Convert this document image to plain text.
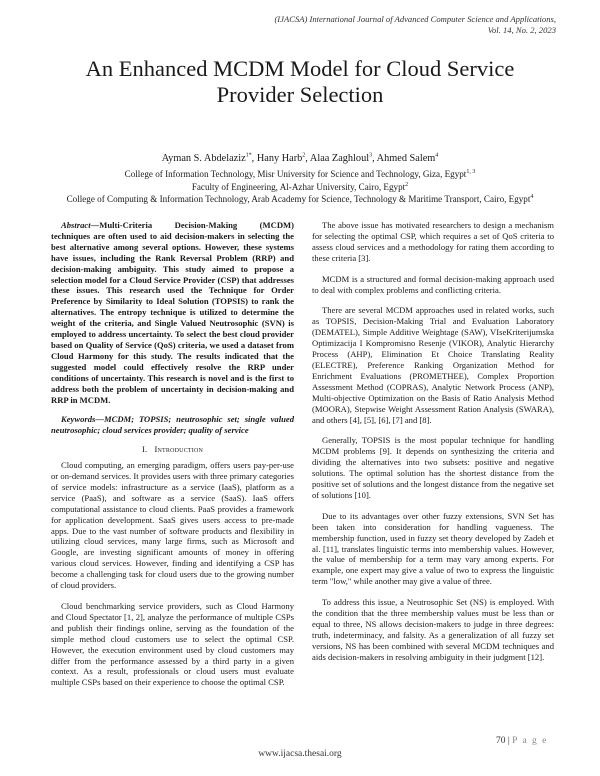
(IJACSA) International Journal of Advanced Computer Science and Applications,
Vol. 14, No. 2, 2023
An Enhanced MCDM Model for Cloud Service
Provider Selection
Ayman S. Abdelaziz$^{1*}$, Hany Harb$^2$, Alaa Zaghloul$^3$, Ahmed Salem$^4$
College of Information Technology, Misr University for Science and Technology, Giza, Egypt$^{1, 3}$
Faculty of Engineering, Al-Azhar University, Cairo, Egypt$^2$
College of Computing & Information Technology, Arab Academy for Science, Technology & Maritime Transport, Cairo, Egypt$^4$
Abstract—Multi-Criteria Decision-Making (MCDM) techniques are often used to aid decision-makers in selecting the best alternative among several options. However, these systems have issues, including the Rank Reversal Problem (RRP) and decision-making ambiguity. This study aimed to propose a selection model for a Cloud Service Provider (CSP) that addresses these issues. This research used the Technique for Order Preference by Similarity to Ideal Solution (TOPSIS) to rank the alternatives. The entropy technique is utilized to determine the weight of the criteria, and Single Valued Neutrosophic (SVN) is employed to address uncertainty. To select the best cloud provider based on Quality of Service (QoS) criteria, we used a dataset from Cloud Harmony for this study. The results indicated that the suggested model could effectively resolve the RRP under conditions of uncertainty. This research is novel and is the first to address both the problem of uncertainty in decision-making and RRP in MCDM.
Keywords—MCDM; TOPSIS; neutrosophic set; single valued neutrosophic; cloud services provider; quality of service
I. Introduction

Cloud computing, an emerging paradigm, offers users pay-per-use or on-demand services. It provides users with three primary categories of service models: infrastructure as a service (IaaS), platform as a service (PaaS), and software as a service (SaaS). IaaS offers computational assistance to cloud clients. PaaS provides a framework for application development. SaaS gives users access to pre-made apps. Due to the vast number of software products and flexibility in utilizing cloud services, many large firms, such as Microsoft and Google, are investing significant amounts of money in offering various cloud services. However, finding and identifying a CSP has become a challenging task for cloud users due to the growing number of cloud providers.

Cloud benchmarking service providers, such as Cloud Harmony and Cloud Spectator [1, 2], analyze the performance of multiple CSPs and publish their findings online, serving as the foundation of the simple method cloud customers use to select the optimal CSP. However, the execution environment used by cloud customers may differ from the performance assessed by a third party in a given context. As a result, professionals or cloud users must evaluate multiple CSPs based on their experience to choose the optimal CSP.

The above issue has motivated researchers to design a mechanism for selecting the optimal CSP, which requires a set of QoS criteria to assess cloud services and a methodology for rating them according to these criteria [3].

MCDM is a structured and formal decision-making approach used to deal with complex problems and conflicting criteria.

There are several MCDM approaches used in related works, such as TOPSIS, Decision-Making Trial and Evaluation Laboratory (DEMATEL), Simple Additive Weightage (SAW), VIseKriterijumska Optimizacija I Kompromisno Resenje (VIKOR), Analytic Hierarchy Process (AHP), Elimination Et Choice Translating Reality (ELECTRE), Preference Ranking Organization Method for Enrichment Evaluations (PROMETHEE), Complex Proportion Assessment Method (COPRAS), Analytic Network Process (ANP), Multi-objective Optimization on the Basis of Ratio Analysis Method (MOORA), Stepwise Weight Assessment Ration Analysis (SWARA), and others [4], [5], [6], [7] and [8].

Generally, TOPSIS is the most popular technique for handling MCDM problems [9]. It depends on synthesizing the criteria and dividing the alternatives into two subsets: positive and negative solutions. The optimal solution has the shortest distance from the positive set of solutions and the longest distance from the negative set of solutions [10].

Due to its advantages over other fuzzy extensions, SVN Set has been taken into consideration for handling vagueness. The membership function, used in fuzzy set theory developed by Zadeh et al. [11], translates linguistic terms into membership values. However, the value of membership for a term may vary among experts. For example, one expert may give a value of two to express the linguistic term "low," while another may give a value of three.

To address this issue, a Neutrosophic Set (NS) is employed. With the condition that the three membership values must be less than or equal to three, NS allows decision-makers to judge in three degrees: truth, indeterminacy, and falsity. As a generalization of all fuzzy set versions, NS has been combined with several MCDM techniques and aids decision-makers in resolving ambiguity in their judgment [12].

70 | P a g e
www.ijacsa.thesai.org
